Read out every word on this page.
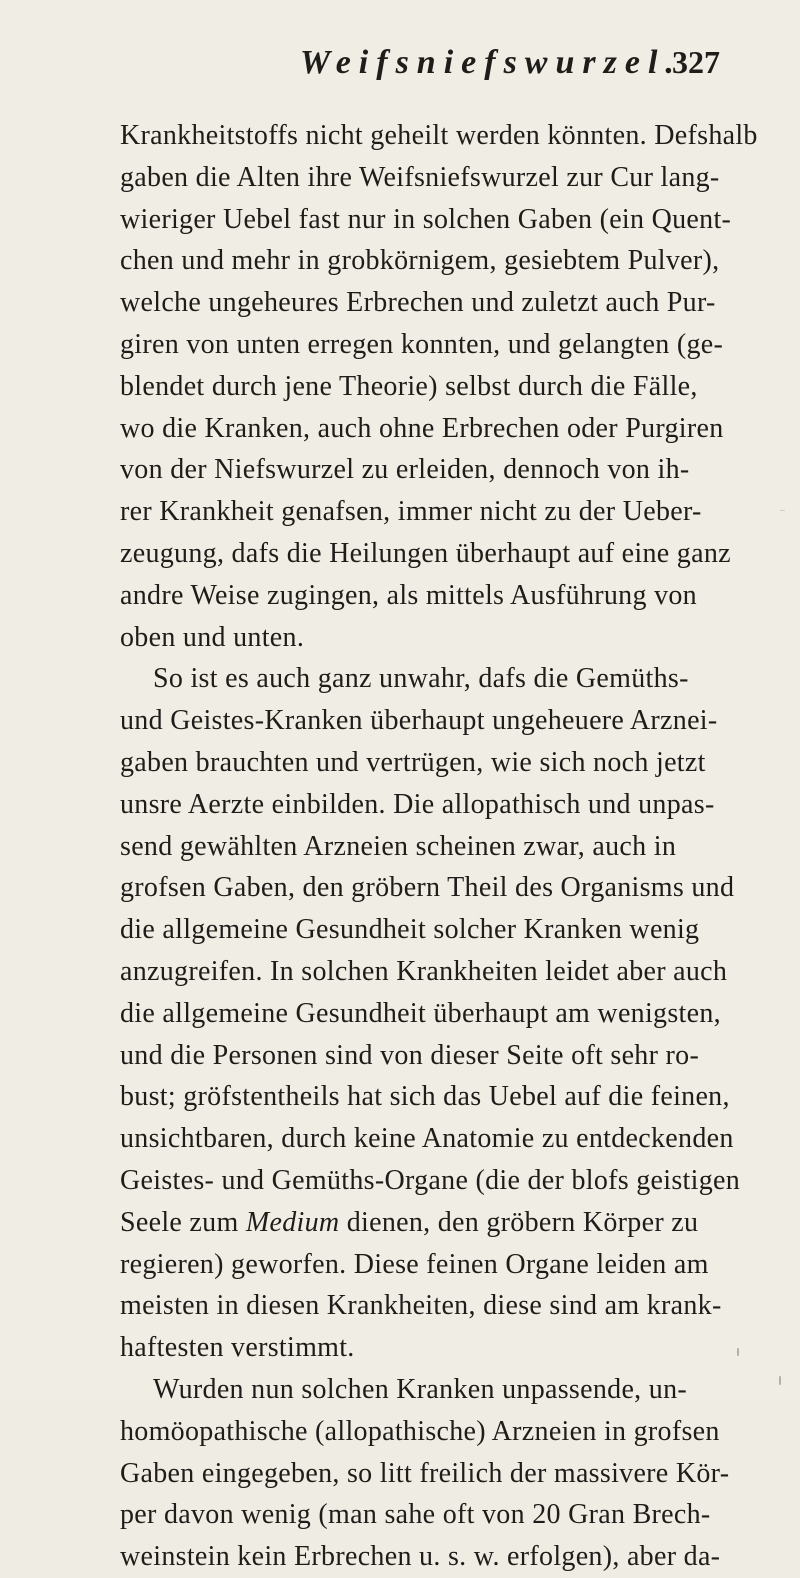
Weifsniefswurzel.
327
Krankheitstoffs nicht geheilt werden könnten. Defshalb
gaben die Alten ihre Weifsniefswurzel zur Cur lang-
wieriger Uebel fast nur in solchen Gaben (ein Quent-
chen und mehr in grobkörnigem, gesiebtem Pulver),
welche ungeheures Erbrechen und zuletzt auch Pur-
giren von unten erregen konnten, und gelangten (ge-
blendet durch jene Theorie) selbst durch die Fälle,
wo die Kranken, auch ohne Erbrechen oder Purgiren
von der Niefswurzel zu erleiden, dennoch von ih-
rer Krankheit genafsen, immer nicht zu der Ueber-
zeugung, dafs die Heilungen überhaupt auf eine ganz
andre Weise zugingen, als mittels Ausführung von
oben und unten.
So ist es auch ganz unwahr, dafs die Gemüths-
und Geistes-Kranken überhaupt ungeheuere Arznei-
gaben brauchten und vertrügen, wie sich noch jetzt
unsre Aerzte einbilden. Die allopathisch und unpas-
send gewählten Arzneien scheinen zwar, auch in
grofsen Gaben, den gröbern Theil des Organisms und
die allgemeine Gesundheit solcher Kranken wenig
anzugreifen. In solchen Krankheiten leidet aber auch
die allgemeine Gesundheit überhaupt am wenigsten,
und die Personen sind von dieser Seite oft sehr ro-
bust; gröfstentheils hat sich das Uebel auf die feinen,
unsichtbaren, durch keine Anatomie zu entdeckenden
Geistes- und Gemüths-Organe (die der blofs geistigen
Seele zum Medium dienen, den gröbern Körper zu
regieren) geworfen. Diese feinen Organe leiden am
meisten in diesen Krankheiten, diese sind am krank-
haftesten verstimmt.
Wurden nun solchen Kranken unpassende, un-
homöopathische (allopathische) Arzneien in grofsen
Gaben eingegeben, so litt freilich der massivere Kör-
per davon wenig (man sahe oft von 20 Gran Brech-
weinstein kein Erbrechen u. s. w. erfolgen), aber da-
